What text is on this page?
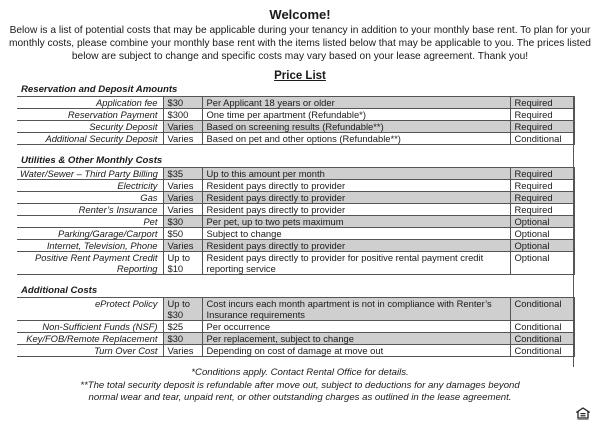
Welcome!
Below is a list of potential costs that may be applicable during your tenancy in addition to your monthly base rent. To plan for your monthly costs, please combine your monthly base rent with the items listed below that may be applicable to you. The prices listed below are subject to change and specific costs may vary based on your lease agreement. Thank you!
Price List
Reservation and Deposit Amounts
Application fee	$30	Per Applicant 18 years or older	Required
Reservation Payment	$300	One time per apartment (Refundable*)	Required
Security Deposit	Varies	Based on screening results (Refundable**)	Required
Additional Security Deposit	Varies	Based on pet and other options (Refundable**)	Conditional
Utilities & Other Monthly Costs
Water/Sewer – Third Party Billing	$35	Up to this amount per month	Required
Electricity	Varies	Resident pays directly to provider	Required
Gas	Varies	Resident pays directly to provider	Required
Renter’s Insurance	Varies	Resident pays directly to provider	Required
Pet	$30	Per pet, up to two pets maximum	Optional
Parking/Garage/Carport	$50	Subject to change	Optional
Internet, Television, Phone	Varies	Resident pays directly to provider	Optional
Positive Rent Payment Credit Reporting	Up to $10	Resident pays directly to provider for positive rental payment credit reporting service	Optional
Additional Costs
eProtect Policy	Up to $30	Cost incurs each month apartment is not in compliance with Renter’s Insurance requirements	Conditional
Non-Sufficient Funds (NSF)	$25	Per occurrence	Conditional
Key/FOB/Remote Replacement	$30	Per replacement, subject to change	Conditional
Turn Over Cost	Varies	Depending on cost of damage at move out	Conditional
*Conditions apply. Contact Rental Office for details.
**The total security deposit is refundable after move out, subject to deductions for any damages beyond normal wear and tear, unpaid rent, or other outstanding charges as outlined in the lease agreement.
